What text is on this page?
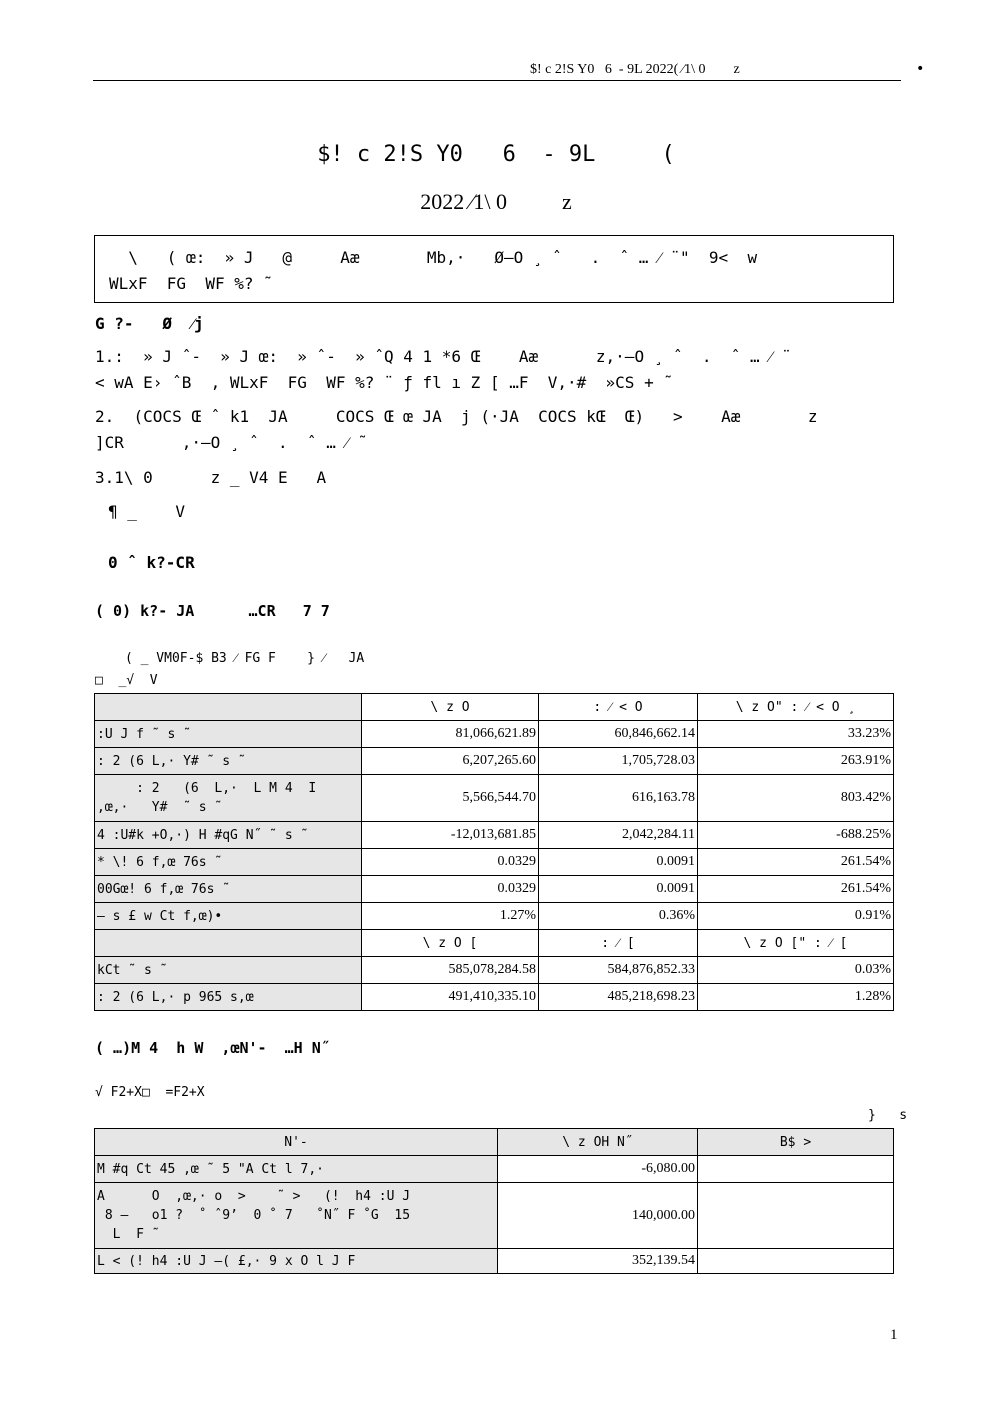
$! c 2!S Y0   6  - 9L 2022( ⁄1\ 0        z	•
$! c 2!S Y0   6  - 9L     (
2022 ⁄1\ 0          z
\   ( œ:  » J   @     Aæ       Mb,·   Ø–O ¸ ˆ   .  ˆ … ⁄ ¨"  9<  w
WLxF  FG  WF %? ˜
G ?-   Ø  ⁄j
1.:  » J ˆ-  » J œ:  » ˆ-  » ˆQ 4 1 *6 Œ    Aæ      z,·–O ¸ ˆ  .  ˆ … ⁄ ¨
< wA E› ˆB  , WLxF  FG  WF %? ¨ ƒ fl ı Z [ …F  V,·#  »CS + ˜
2.  (COCS Œ ˆ k1  JA     COCS Œ œ JA  j (·JA  COCS kŒ  Œ)   >    Aæ       z
]CR      ,·–O ¸ ˆ  .  ˆ … ⁄ ˜
3.1\ 0      z _ V4 E   A
¶ _    V
0 ˆ k?-CR
( 0) k?- JA      …CR   7 7
( _ VM0F-$ B3 ⁄ FG F    } ⁄   JA
□  _√  V
	\ z O	: ⁄ < O	\ z O" : ⁄ < O ¸
:U J f ˜ s ˜	81,066,621.89	60,846,662.14	33.23%
: 2 (6 L,· Y# ˜ s ˜	6,207,265.60	1,705,728.03	263.91%
: 2   (6  L,·  L M 4  I
,œ,·   Y#  ˜ s ˜	5,566,544.70	616,163.78	803.42%
4 :U#k +O,·) H #qG N˝ ˜ s ˜	-12,013,681.85	2,042,284.11	-688.25%
* \! 6 f,œ 76s ˜	0.0329	0.0091	261.54%
00Gœ! 6 f,œ 76s ˜	0.0329	0.0091	261.54%
— s £ w Ct f,œ)•	1.27%	0.36%	0.91%
	\ z O [	: ⁄ [	\ z O [" : ⁄ [
kCt ˜ s ˜	585,078,284.58	584,876,852.33	0.03%
: 2 (6 L,· p 965 s,œ	491,410,335.10	485,218,698.23	1.28%
( …)M 4  h W  ,œN'-  …H N˝
√ F2+X□  =F2+X
}   s
N'-	\ z OH N˝	B$ >
M #q Ct 45 ,œ ˜ 5 "A Ct l 7,·	-6,080.00	
A      O  ,œ,· o  >    ˜ >   (!  h4 :U J
8 –   o1 ?  ˚ ˆ9’  0 ˚ 7   ˚N˝ F ˚G  15
L  F ˜	140,000.00	
L < (! h4 :U J –( £,· 9 x O l J F	352,139.54	
1
